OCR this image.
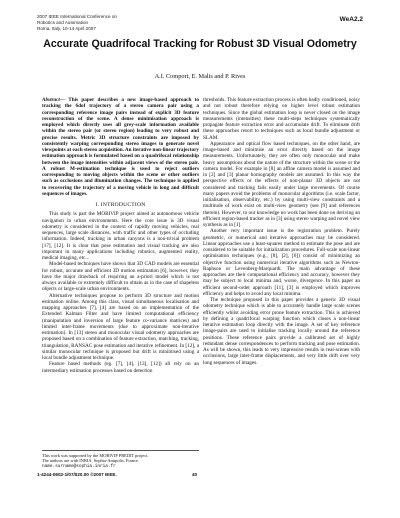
2007 IEEE International Conference on
Robotics and Automation
Roma, Italy, 10-14 April 2007
WeA2.2
Accurate Quadrifocal Tracking for Robust 3D Visual Odometry
A.I. Comport, E. Malis and P. Rives

Abstract— This paper describes a new image-based approach to tracking the 6dof trajectory of a stereo camera pair using a corresponding reference image pairs instead of explicit 3D feature reconstruction of the scene. A dense minimisation approach is employed which directly uses all grey-scale information available within the stereo pair (or stereo region) leading to very robust and precise results. Metric 3D structure constraints are imposed by consistently warping corresponding stereo images to generate novel viewpoints at each stereo acquisition. An iterative non-linear trajectory estimation approach is formulated based on a quadrifocal relationship between the image intensities within adjacent views of the stereo pair. A robust M-estimation technique is used to reject outliers corresponding to moving objects within the scene or other outliers such as occlusions and illumination changes. The technique is applied to recovering the trajectory of a moving vehicle in long and difficult sequences of images.

I. INTRODUCTION

This study is part the MOBIVIP project aimed at autonomous vehicle navigation in urban environments. Here the core issue is 3D visual odometry is considered in the context of rapidly moving vehicles, real sequences, large scale distances, with traffic and other types of occluding information. Indeed, tracking in urban canyons is a non-trivial problem [17], [12]. It is clear that pose estimation and visual tracking are also important in many applications including robotics, augmented reality, medical imaging, etc...

Model-based techniques have shown that 3D CAD models are essential for robust, accurate and efficient 3D motion estimation [6], however, they have the major drawback of requiring an a-priori model which is not always available or extremely difficult to obtain as in the case of shapeless objects or large-scale urban environments.

Alternative techniques propose to perform 3D structure and motion estimation online. Among this class, visual simultaneous localisation and mapping approaches [7], [4] are based on an implementation of the Extended Kalman Filter and have limited computational efficiency (manipulation and inversion of large feature co-variance matrices) and limited inter-frame movements (due to approximate non-iterative estimation). In [13] stereo and monocular visual odometry approaches are proposed based on a combination of feature extraction, matching, tracking, triangulation, RANSAC pose estimation and iterative refinement. In [12], a similar monocular technique is proposed but drift is minimised using a local bundle adjustment technique.

Feature based methods (eg. [7], [4], [13], [12]) all rely on an intermediary estimation processes based on detection

thresholds. This feature extraction process is often badly conditioned, noisy and not robust therefore relying on higher level robust estimation techniques. Since the global estimation loop is never closed on the image measurements (intensities) these multi-steps techniques systematically propagate feature extraction error and accumulate drift. To eliminate drift these approaches resort to techniques such as local bundle adjustment or SLAM.

Appearance and optical flow based techniques, on the other hand, are image-based and minimise an error directly based on the image measurements. Unfortunately, they are often only monocular and make heavy assumptions about the nature of the structure within the scene or the camera model. For example in [8] an affine camera model is assumed and in [2] and [3] planar homography models are assumed. In this way the perspective effects or the effects of non-planar 3D objects are not considered and tracking fails easily under large movements. Of course many papers avoid the problems of monocular algorithms (i.e. scale factor, initialisation, observability, etc.) by using multi-view constraints and a multitude of work exist on multi-view geometry (see [9] and references therein). However, to our knowledge no work has been done on deriving an efficient region-based tracker as in [3] using stereo warping and novel view synthesis as in [1].

Another very important issue is the registration problem. Purely geometric, or numerical and iterative approaches may be considered. Linear approaches use a least-squares method to estimate the pose and are considered to be suitable for initialization procedures. Full-scale non-linear optimisation techniques (e.g., [8], [2], [6]) consist of minimizing an objective function using numerical iterative algorithms such as Newton-Raphson or Levenberg-Marquardt. The main advantage of these approaches are their computational efficiency and accuracy, however they may be subject to local minima and, worse, divergence. In this paper an efficient second-order approach [11], [3] is employed which improves efficiency and helps to avoid any local minima.

The technique proposed in this paper provides a generic 3D visual odometry technique which is able to accurately handle large scale scenes efficiently whilst avoiding error prone feature extraction. This is achieved by defining a quadrifocal warping function which closes a non-linear iterative estimation loop directly with the image. A set of key reference image-pairs are used to initialise tracking locally around the reference positions. These reference pairs provide a calibrated set of highly redundant dense correspondences to perform tracking and pose estimation. As will be shown, this leads to very impressive results in real-scenes with occlusions, large inter-frame displacements, and very little drift over very long sequences of images.

This work was supported by the MOBIVIP PREDIT project.
The authors are with INRIA, Sophia-Antipolis, France.
name.surname@sophia.inria.fr
1-4244-0602-1/07/$20.00 ©2007 IEEE.	40
